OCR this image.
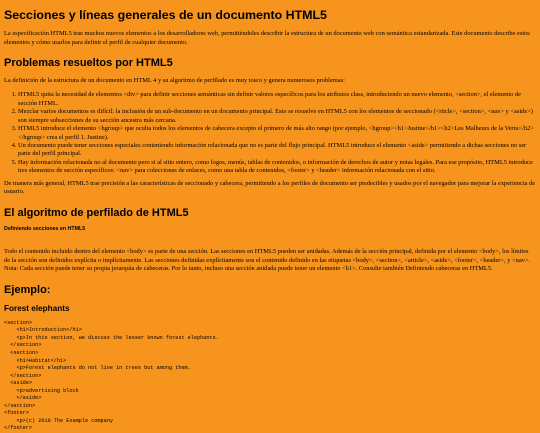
Secciones y líneas generales de un documento HTML5

La especificación HTML5 trae muchos nuevos elementos a los desarrolladores web, permitiéndoles describir la estructura de un documento web con semántica estandarizada. Este documento describe estos elementos y cómo usarlos para definir el perfil de cualquier documento.

Problemas resueltos por HTML5

La definición de la estructura de un documento en HTML 4 y su algoritmo de perfilado es muy tosco y genera numerosos problemas:

1. HTML5 quita la necesidad de elementos <div> para definir secciones semánticas sin definir valores específicos para los atributos class, introduciendo un nuevo elemento, <section>, el elemento de sección HTML.
2. Mezclar varios documentos es difícil: la inclusión de un sub-documento en un documento principal. Esto se resuelve en HTML5 con los elementos de seccionado (<rticle>, <section>, <nav> y <aside>) son siempre subsecciones de su sección ancestra más cercana.
3. HTML5 introduce el elemento <hgroup> que oculta todos los elementos de cabecera excepto el primero de más alto rango (por ejemplo, <hgroup><h1>Justine</h1><h2>Les Malheurs de la Vertu</h2></hgroup> crea el perfil 1. Justine).
4. Un documento puede tener secciones especiales conteniendo información relacionada que no es parte del flujo principal. HTML5 introduce el elemento <aside> permitiendo a dichas secciones no ser parte del perfil principal.
5. Hay información relacionada no al documento pero si al sitio entero, como logos, menús, tablas de contenidos, o información de derechos de autor y notas legales. Para ese propósito, HTML5 introduce tres elementos de sección específicos: <nav> para colecciones de enlaces, como una tabla de contenidos, <footer> y <header> información relacionada con el sitio.

De manera más general, HTML5 trae precisión a las características de seccionado y cabecera, permitiendo a los perfiles de documento ser predecibles y usados por el navegador para mejorar la experiencia de usuario.

El algoritmo de perfilado de HTML5
Definiendo secciones en HTML5

Todo el contenido incluido dentro del elemento <body> es parte de una sección. Las secciones en HTML5 pueden ser anidadas. Además de la sección principal, definida por el elemento <body>, los límites de la sección son definidos explícita o implícitamente. Las secciones definidas explícitamente son el contenido definido en las etiquetas <body>, <section>, <article>, <aside>, <footer>, <header>, y <nav>. Nota: Cada sección puede tener su propia jerarquía de cabeceras. Por lo tanto, incluso una sección anidada puede tener un elemento <h1>. Consulte también Definiendo cabeceras en HTML5.

Ejemplo:
Forest elephants
<section>
<h1>Introduction</h1>
<p>In this section, we discuss the lesser known forest elephants.
</section>
<section>
<h1>Habitat</h1>
<p>Forest elephants do not live in trees but among them.
</section>
<aside>
<p>advertising block
</aside>
</section>
<footer>
<p>(c) 2010 The Example company
</footer>
